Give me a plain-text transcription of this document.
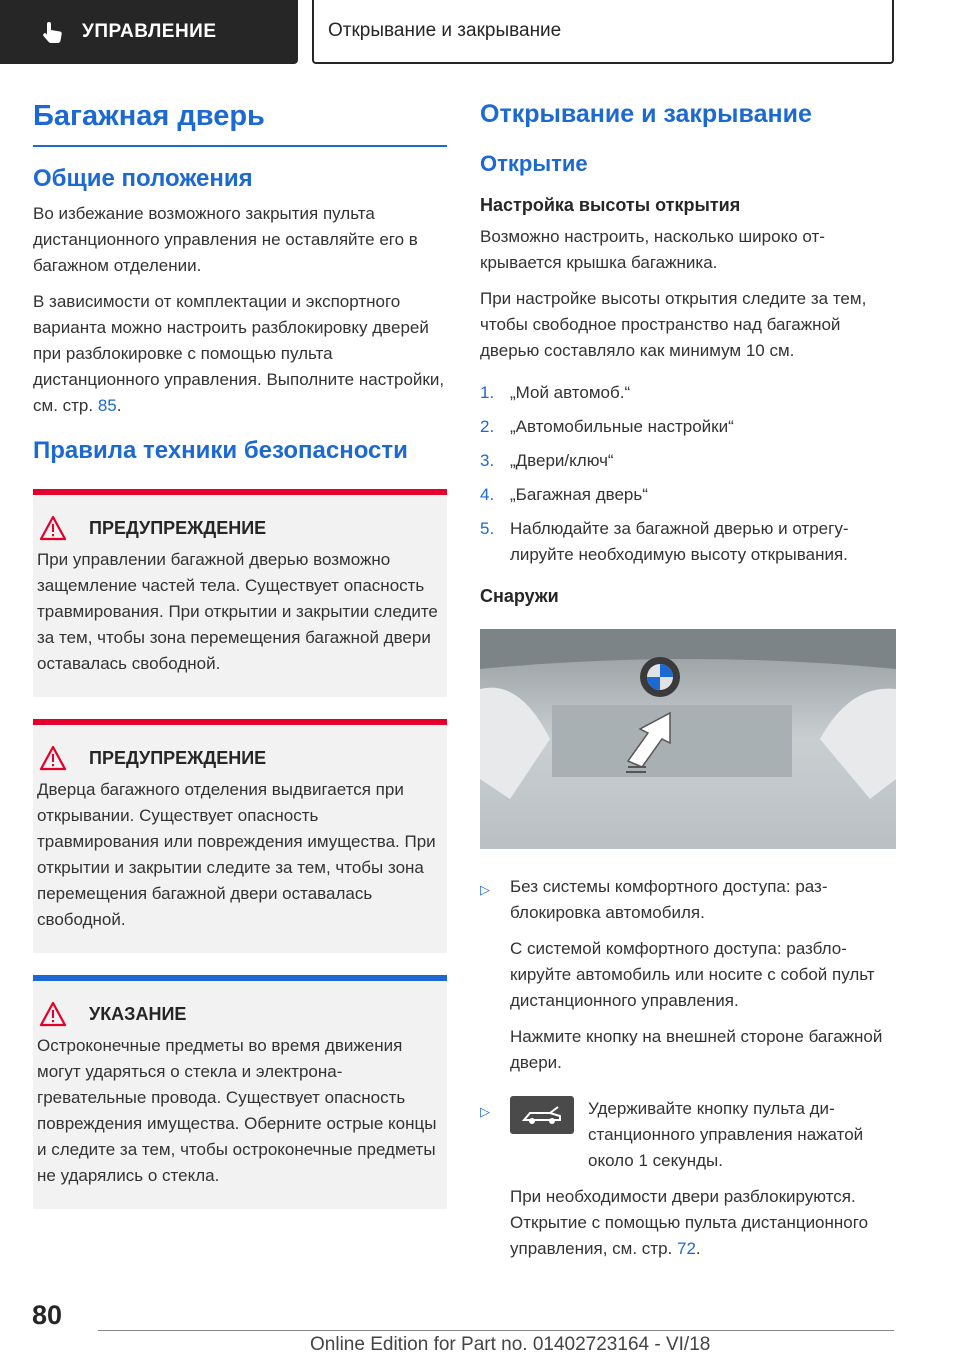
УПРАВЛЕНИЕ	Открывание и закрывание
Багажная дверь
Общие положения

Во избежание возможного закрытия пульта дистанционного управления не оставляйте его в багажном отделении.

В зависимости от комплектации и экспортного варианта можно настроить разблокировку дверей при разблокировке с помощью пульта дистанционного управления. Выполните настройки, см. стр. 85.

Правила техники безопасности
ПРЕДУПРЕЖДЕНИЕ

При управлении багажной дверью возможно защемление частей тела. Существует опасность травмирования. При открытии и закрытии следите за тем, чтобы зона перемещения багажной двери оставалась свободной.

ПРЕДУПРЕЖДЕНИЕ

Дверца багажного отделения выдвигается при открывании. Существует опасность травмирования или повреждения имущества. При открытии и закрытии следите за тем, чтобы зона перемещения багажной двери оставалась свободной.

УКАЗАНИЕ

Остроконечные предметы во время движения могут ударяться о стекла и электронагревательные провода. Существует опасность повреждения имущества. Оберните острые концы и следите за тем, чтобы остроконечные предметы не ударялись о стекла.

Открывание и закрывание
Открытие
Настройка высоты открытия

Возможно настроить, насколько широко открывается крышка багажника.

При настройке высоты открытия следите за тем, чтобы свободное пространство над багажной дверью составляло как минимум 10 см.

1. „Мой автомоб.“
2. „Автомобильные настройки“
3. „Двери/ключ“
4. „Багажная дверь“
5. Наблюдайте за багажной дверью и отрегулируйте необходимую высоту открывания.
Снаружи
▷	Без системы комфортного доступа: разблокировка автомобиля.

С системой комфортного доступа: разблокируйте автомобиль или носите с собой пульт дистанционного управления.

Нажмите кнопку на внешней стороне багажной двери.

▷	Удерживайте кнопку пульта дистанционного управления нажатой около 1 секунды.

При необходимости двери разблокируются. Открытие с помощью пульта дистанционного управления, см. стр. 72.

80
Online Edition for Part no. 01402723164 - VI/18
